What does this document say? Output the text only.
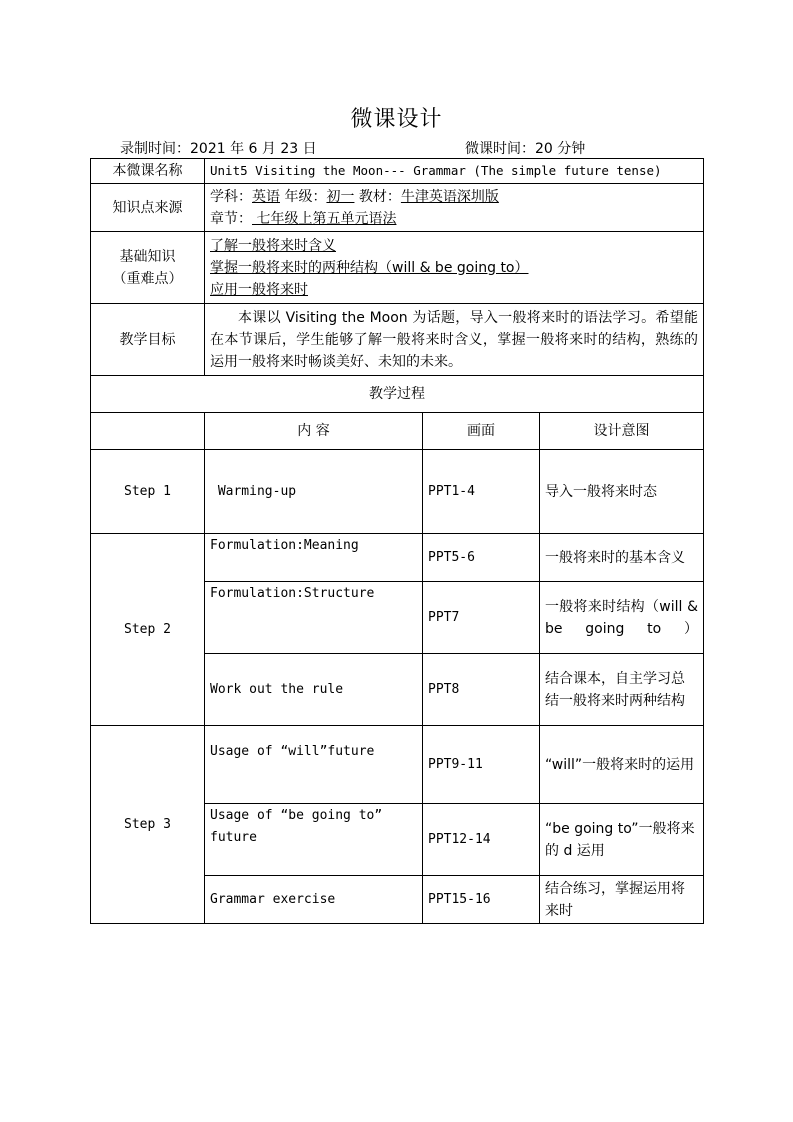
微课设计
录制时间：2021 年 6 月 23 日	微课时间：20 分钟
本微课名称	Unit5 Visiting the Moon--- Grammar (The simple future tense)		
知识点来源	学科：英语 年级：初一 教材：牛津英语深圳版
章节： 七年级上第五单元语法		

基础知识
（重难点）	了解一般将来时含义
掌握一般将来时的两种结构（will & be going to）
应用一般将来时		

教学目标	本课以 Visiting the Moon 为话题，导入一般将来时的语法学习。希望能在本节课后，学生能够了解一般将来时含义，掌握一般将来时的结构，熟练的运用一般将来时畅谈美好、未知的未来。		
教学过程			
	内 容	画面	设计意图
Step 1	Warming-up	PPT1-4	导入一般将来时态
Step 2	Formulation:Meaning	PPT5-6	一般将来时的基本含义
	Formulation:Structure	PPT7	一般将来时结构（will & be going to ）
	Work out the rule	PPT8	结合课本，自主学习总结一般将来时两种结构
Step 3	Usage of “will”future	PPT9-11	“will”一般将来时的运用
	Usage of “be going to” future	PPT12-14	“be going to”一般将来的 d 运用
	Grammar exercise	PPT15-16	结合练习，掌握运用将来时
